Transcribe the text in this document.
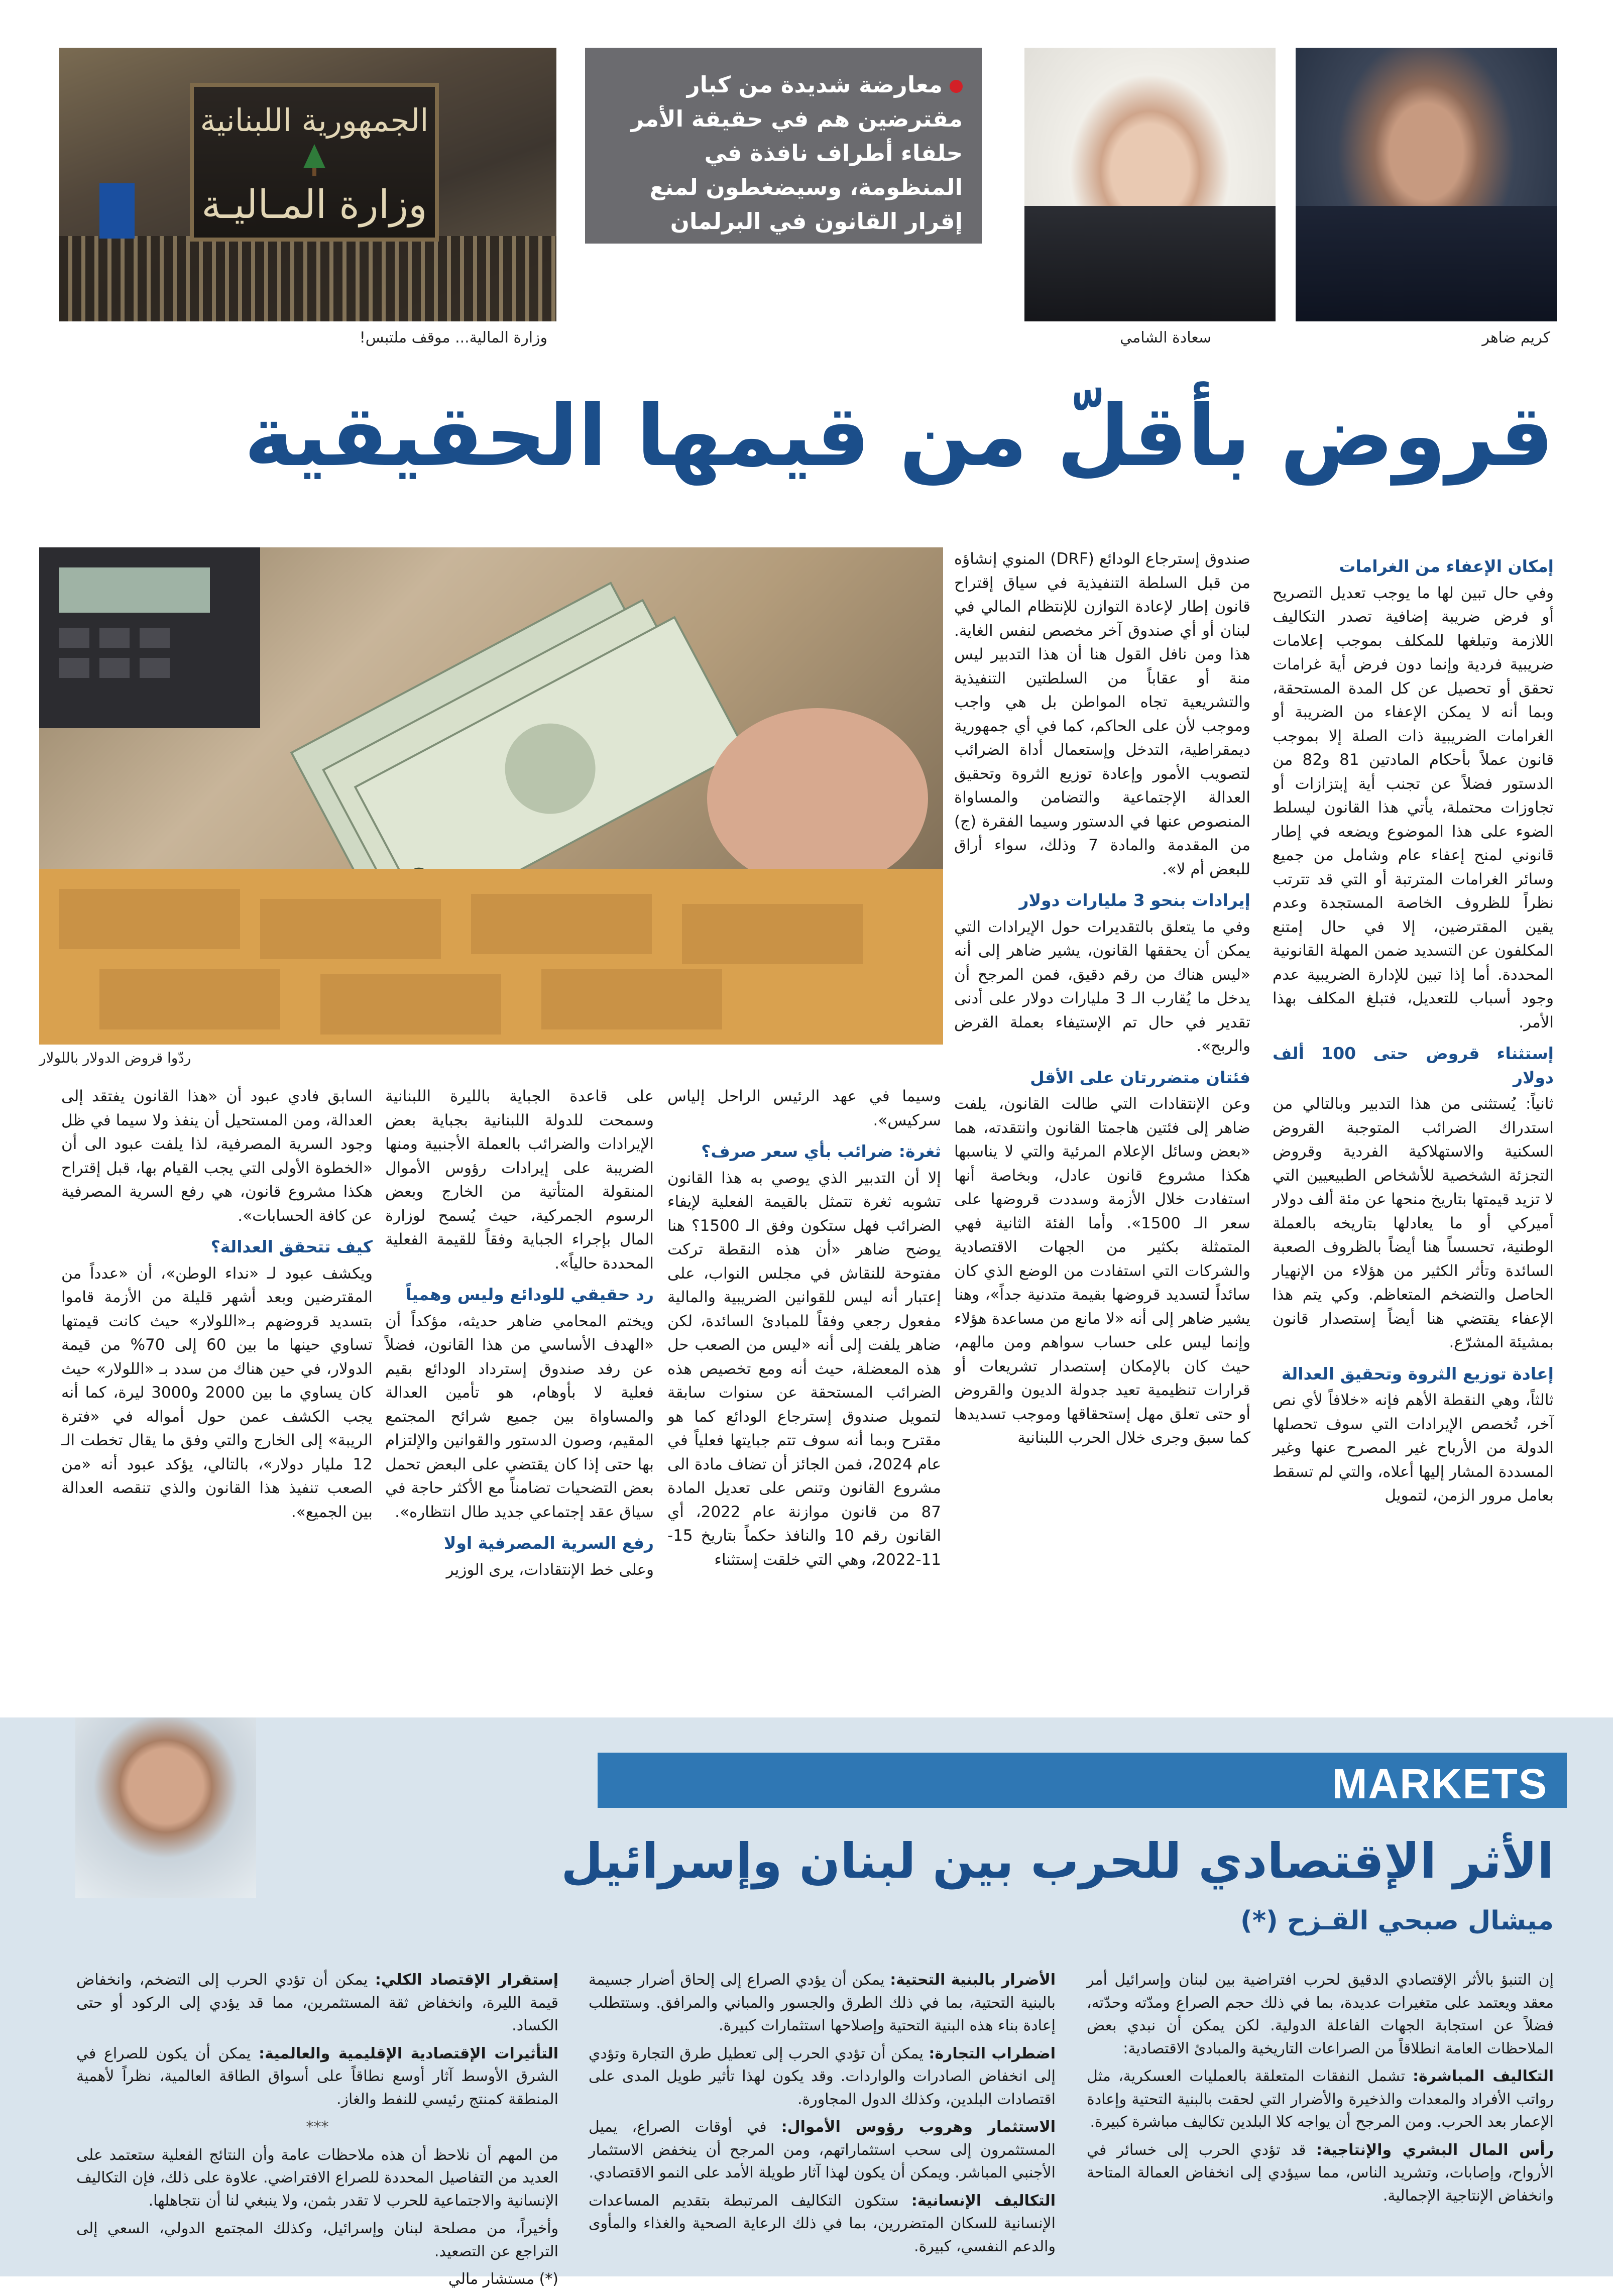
الجمهورية اللبنانية
وزارة المـاليـة
معارضة شديدة من كبار مقترضين هم في حقيقة الأمر حلفاء أطراف نافذة في المنظومة، وسيضغطون لمنع إقرار القانون في البرلمان
وزارة المالية... موقف ملتبس!	سعادة الشامي	كريم ضاهر
قروض بأقلّ من قيمها الحقيقية
ردّوا قروض الدولار باللولار
إمكان الإعفاء من الغرامات

وفي حال تبين لها ما يوجب تعديل التصريح أو فرض ضريبة إضافية تصدر التكاليف اللازمة وتبلغها للمكلف بموجب إعلامات ضريبية فردية وإنما دون فرض أية غرامات تحقق أو تحصيل عن كل المدة المستحقة، وبما أنه لا يمكن الإعفاء من الضريبة أو الغرامات الضريبية ذات الصلة إلا بموجب قانون عملاً بأحكام المادتين 81 و82 من الدستور فضلاً عن تجنب أية إبتزازات أو تجاوزات محتملة، يأتي هذا القانون ليسلط الضوء على هذا الموضوع ويضعه في إطار قانوني لمنح إعفاء عام وشامل من جميع وسائر الغرامات المترتبة أو التي قد تترتب نظراً للظروف الخاصة المستجدة وعدم يقين المقترضين، إلا في حال إمتنع المكلفون عن التسديد ضمن المهلة القانونية المحددة. أما إذا تبين للإدارة الضريبية عدم وجود أسباب للتعديل، فتبلغ المكلف بهذا الأمر.

إستثناء قروض حتى 100 ألف دولار

ثانياً: يُستثنى من هذا التدبير وبالتالي من استدراك الضرائب المتوجبة القروض السكنية والاستهلاكية الفردية وقروض التجزئة الشخصية للأشخاص الطبيعيين التي لا تزيد قيمتها بتاريخ منحها عن مئة ألف دولار أميركي أو ما يعادلها بتاريخه بالعملة الوطنية، تحسساً هنا أيضاً بالظروف الصعبة السائدة وتأثر الكثير من هؤلاء من الإنهيار الحاصل والتضخم المتعاظم. وكي يتم هذا الإعفاء يقتضي هنا أيضاً إستصدار قانون بمشيئة المشرّع.

إعادة توزيع الثروة وتحقيق العدالة

ثالثاً، وهي النقطة الأهم فإنه «خلافاً لأي نص آخر، تُخصص الإيرادات التي سوف تحصلها الدولة من الأرباح غير المصرح عنها وغير المسددة المشار إليها أعلاه، والتي لم تسقط بعامل مرور الزمن، لتمويل

صندوق إسترجاع الودائع (DRF) المنوي إنشاؤه من قبل السلطة التنفيذية في سياق إقتراح قانون إطار لإعادة التوازن للإنتظام المالي في لبنان أو أي صندوق آخر مخصص لنفس الغاية. هذا ومن نافل القول هنا أن هذا التدبير ليس منة أو عقاباً من السلطتين التنفيذية والتشريعية تجاه المواطن بل هي واجب وموجب لأن على الحاكم، كما في أي جمهورية ديمقراطية، التدخل وإستعمال أداة الضرائب لتصويب الأمور وإعادة توزيع الثروة وتحقيق العدالة الإجتماعية والتضامن والمساواة المنصوص عنها في الدستور وسيما الفقرة (ج) من المقدمة والمادة 7 وذلك، سواء أراق للبعض أم لا».

إيرادات بنحو 3 مليارات دولار

وفي ما يتعلق بالتقديرات حول الإيرادات التي يمكن أن يحققها القانون، يشير ضاهر إلى أنه «ليس هناك من رقم دقيق، فمن المرجح أن يدخل ما يُقارب الـ 3 مليارات دولار على أدنى تقدير في حال تم الإستيفاء بعملة القرض والربح».

فئتان متضررتان على الأقل

وعن الإنتقادات التي طالت القانون، يلفت ضاهر إلى فئتين هاجمتا القانون وانتقدته، هما «بعض وسائل الإعلام المرئية والتي لا يناسبها هكذا مشروع قانون عادل، وبخاصة أنها استفادت خلال الأزمة وسددت قروضها على سعر الـ 1500». وأما الفئة الثانية فهي المتمثلة بكثير من الجهات الاقتصادية والشركات التي استفادت من الوضع الذي كان سائداً لتسديد قروضها بقيمة متدنية جداً»، وهنا يشير ضاهر إلى أنه «لا مانع من مساعدة هؤلاء وإنما ليس على حساب سواهم ومن مالهم، حيث كان بالإمكان إستصدار تشريعات أو قرارات تنظيمية تعيد جدولة الديون والقروض أو حتى تعلق مهل إستحقاقها وموجب تسديدها كما سبق وجرى خلال الحرب اللبنانية

وسيما في عهد الرئيس الراحل إلياس سركيس».

ثغرة: ضرائب بأي سعر صرف؟

إلا أن التدبير الذي يوصي به هذا القانون تشوبه ثغرة تتمثل بالقيمة الفعلية لإيفاء الضرائب فهل ستكون وفق الـ 1500؟ هنا يوضح ضاهر «أن هذه النقطة تركت مفتوحة للنقاش في مجلس النواب، على إعتبار أنه ليس للقوانين الضريبية والمالية مفعول رجعي وفقاً للمبادئ السائدة، لكن ضاهر يلفت إلى أنه «ليس من الصعب حل هذه المعضلة، حيث أنه ومع تخصيص هذه الضرائب المستحقة عن سنوات سابقة لتمويل صندوق إسترجاع الودائع كما هو مقترح وبما أنه سوف تتم جبايتها فعلياً في عام 2024، فمن الجائز أن تضاف مادة الى مشروع القانون وتنص على تعديل المادة 87 من قانون موازنة عام 2022، أي القانون رقم 10 والنافذ حكماً بتاريخ 15-11-2022، وهي التي خلقت إستثناء

على قاعدة الجباية بالليرة اللبنانية وسمحت للدولة اللبنانية بجباية بعض الإيرادات والضرائب بالعملة الأجنبية ومنها الضريبة على إيرادات رؤوس الأموال المنقولة المتأتية من الخارج وبعض الرسوم الجمركية، حيث يُسمح لوزارة المال بإجراء الجباية وفقاً للقيمة الفعلية المحددة حالياً».

رد حقيقي للودائع وليس وهمياً

ويختم المحامي ضاهر حديثه، مؤكداً أن «الهدف الأساسي من هذا القانون، فضلاً عن رفد صندوق إسترداد الودائع بقيم فعلية لا بأوهام، هو تأمين العدالة والمساواة بين جميع شرائح المجتمع المقيم، وصون الدستور والقوانين والإلتزام بها حتى إذا كان يقتضي على البعض تحمل بعض التضحيات تضامناً مع الأكثر حاجة في سياق عقد إجتماعي جديد طال انتظاره».

رفع السرية المصرفية اولا

وعلى خط الإنتقادات، يرى الوزير

السابق فادي عبود أن «هذا القانون يفتقد إلى العدالة، ومن المستحيل أن ينفذ ولا سيما في ظل وجود السرية المصرفية، لذا يلفت عبود الى أن «الخطوة الأولى التي يجب القيام بها، قبل إقتراح هكذا مشروع قانون، هي رفع السرية المصرفية عن كافة الحسابات».

كيف تتحقق العدالة؟

ويكشف عبود لـ «نداء الوطن»، أن «عدداً من المقترضين وبعد أشهر قليلة من الأزمة قاموا بتسديد قروضهم بـ«اللولار» حيث كانت قيمتها تساوي حينها ما بين 60 إلى 70% من قيمة الدولار، في حين هناك من سدد بـ «اللولار» حيث كان يساوي ما بين 2000 و3000 ليرة، كما أنه يجب الكشف عمن حول أمواله في «فترة الريبة» إلى الخارج والتي وفق ما يقال تخطت الـ 12 مليار دولار»، بالتالي، يؤكد عبود أنه «من الصعب تنفيذ هذا القانون والذي تنقصه العدالة بين الجميع».

MARKETS
الأثر الإقتصادي للحرب بين لبنان وإسرائيل
ميشال صبحي القـزح (*)

إن التنبؤ بالأثر الإقتصادي الدقيق لحرب افتراضية بين لبنان وإسرائيل أمر معقد ويعتمد على متغيرات عديدة، بما في ذلك حجم الصراع ومدّته وحدّته، فضلاً عن استجابة الجهات الفاعلة الدولية. لكن يمكن أن نبدي بعض الملاحظات العامة انطلاقاً من الصراعات التاريخية والمبادئ الاقتصادية:

التكاليف المباشرة: تشمل النفقات المتعلقة بالعمليات العسكرية، مثل رواتب الأفراد والمعدات والذخيرة والأضرار التي لحقت بالبنية التحتية وإعادة الإعمار بعد الحرب. ومن المرجح أن يواجه كلا البلدين تكاليف مباشرة كبيرة.

رأس المال البشري والإنتاجية: قد تؤدي الحرب إلى خسائر في الأرواح، وإصابات، وتشريد الناس، مما سيؤدي إلى انخفاض العمالة المتاحة وانخفاض الإنتاجية الإجمالية.

الأضرار بالبنية التحتية: يمكن أن يؤدي الصراع إلى إلحاق أضرار جسيمة بالبنية التحتية، بما في ذلك الطرق والجسور والمباني والمرافق. وستتطلب إعادة بناء هذه البنية التحتية وإصلاحها استثمارات كبيرة.

اضطراب التجارة: يمكن أن تؤدي الحرب إلى تعطيل طرق التجارة وتؤدي إلى انخفاض الصادرات والواردات. وقد يكون لهذا تأثير طويل المدى على اقتصادات البلدين، وكذلك الدول المجاورة.

الاستثمار وهروب رؤوس الأموال: في أوقات الصراع، يميل المستثمرون إلى سحب استثماراتهم، ومن المرجح أن ينخفض الاستثمار الأجنبي المباشر. ويمكن أن يكون لهذا آثار طويلة الأمد على النمو الاقتصادي.

التكاليف الإنسانية: ستكون التكاليف المرتبطة بتقديم المساعدات الإنسانية للسكان المتضررين، بما في ذلك الرعاية الصحية والغذاء والمأوى والدعم النفسي، كبيرة.

إستقرار الإقتصاد الكلي: يمكن أن تؤدي الحرب إلى التضخم، وانخفاض قيمة الليرة، وانخفاض ثقة المستثمرين، مما قد يؤدي إلى الركود أو حتى الكساد.

التأثيرات الإقتصادية الإقليمية والعالمية: يمكن أن يكون للصراع في الشرق الأوسط آثار أوسع نطاقاً على أسواق الطاقة العالمية، نظراً لأهمية المنطقة كمنتج رئيسي للنفط والغاز.

***

من المهم أن نلاحظ أن هذه ملاحظات عامة وأن النتائج الفعلية ستعتمد على العديد من التفاصيل المحددة للصراع الافتراضي. علاوة على ذلك، فإن التكاليف الإنسانية والاجتماعية للحرب لا تقدر بثمن، ولا ينبغي لنا أن نتجاهلها.

وأخيراً، من مصلحة لبنان وإسرائيل، وكذلك المجتمع الدولي، السعي إلى التراجع عن التصعيد.

(*) مستشار مالي
